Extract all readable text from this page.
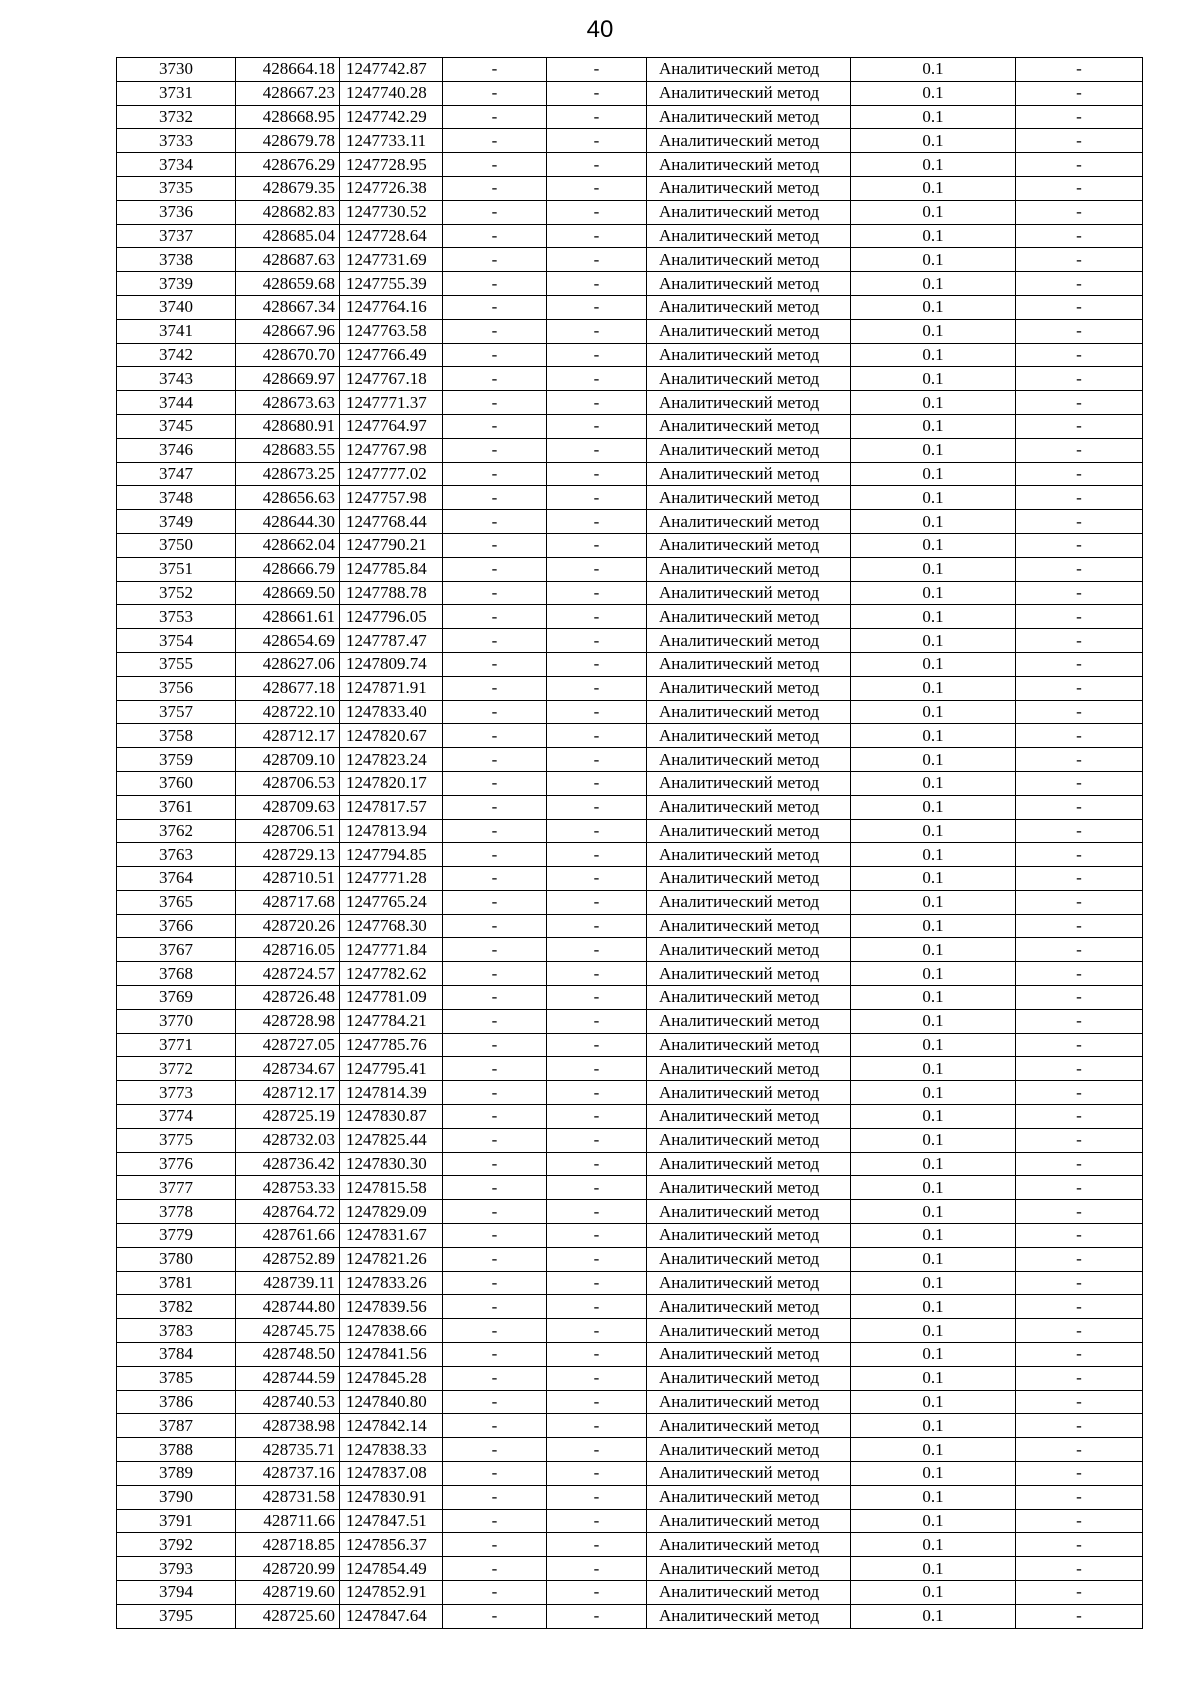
40
3730	428664.18	1247742.87	-	-	Аналитический метод	0.1	-
3731	428667.23	1247740.28	-	-	Аналитический метод	0.1	-
3732	428668.95	1247742.29	-	-	Аналитический метод	0.1	-
3733	428679.78	1247733.11	-	-	Аналитический метод	0.1	-
3734	428676.29	1247728.95	-	-	Аналитический метод	0.1	-
3735	428679.35	1247726.38	-	-	Аналитический метод	0.1	-
3736	428682.83	1247730.52	-	-	Аналитический метод	0.1	-
3737	428685.04	1247728.64	-	-	Аналитический метод	0.1	-
3738	428687.63	1247731.69	-	-	Аналитический метод	0.1	-
3739	428659.68	1247755.39	-	-	Аналитический метод	0.1	-
3740	428667.34	1247764.16	-	-	Аналитический метод	0.1	-
3741	428667.96	1247763.58	-	-	Аналитический метод	0.1	-
3742	428670.70	1247766.49	-	-	Аналитический метод	0.1	-
3743	428669.97	1247767.18	-	-	Аналитический метод	0.1	-
3744	428673.63	1247771.37	-	-	Аналитический метод	0.1	-
3745	428680.91	1247764.97	-	-	Аналитический метод	0.1	-
3746	428683.55	1247767.98	-	-	Аналитический метод	0.1	-
3747	428673.25	1247777.02	-	-	Аналитический метод	0.1	-
3748	428656.63	1247757.98	-	-	Аналитический метод	0.1	-
3749	428644.30	1247768.44	-	-	Аналитический метод	0.1	-
3750	428662.04	1247790.21	-	-	Аналитический метод	0.1	-
3751	428666.79	1247785.84	-	-	Аналитический метод	0.1	-
3752	428669.50	1247788.78	-	-	Аналитический метод	0.1	-
3753	428661.61	1247796.05	-	-	Аналитический метод	0.1	-
3754	428654.69	1247787.47	-	-	Аналитический метод	0.1	-
3755	428627.06	1247809.74	-	-	Аналитический метод	0.1	-
3756	428677.18	1247871.91	-	-	Аналитический метод	0.1	-
3757	428722.10	1247833.40	-	-	Аналитический метод	0.1	-
3758	428712.17	1247820.67	-	-	Аналитический метод	0.1	-
3759	428709.10	1247823.24	-	-	Аналитический метод	0.1	-
3760	428706.53	1247820.17	-	-	Аналитический метод	0.1	-
3761	428709.63	1247817.57	-	-	Аналитический метод	0.1	-
3762	428706.51	1247813.94	-	-	Аналитический метод	0.1	-
3763	428729.13	1247794.85	-	-	Аналитический метод	0.1	-
3764	428710.51	1247771.28	-	-	Аналитический метод	0.1	-
3765	428717.68	1247765.24	-	-	Аналитический метод	0.1	-
3766	428720.26	1247768.30	-	-	Аналитический метод	0.1	-
3767	428716.05	1247771.84	-	-	Аналитический метод	0.1	-
3768	428724.57	1247782.62	-	-	Аналитический метод	0.1	-
3769	428726.48	1247781.09	-	-	Аналитический метод	0.1	-
3770	428728.98	1247784.21	-	-	Аналитический метод	0.1	-
3771	428727.05	1247785.76	-	-	Аналитический метод	0.1	-
3772	428734.67	1247795.41	-	-	Аналитический метод	0.1	-
3773	428712.17	1247814.39	-	-	Аналитический метод	0.1	-
3774	428725.19	1247830.87	-	-	Аналитический метод	0.1	-
3775	428732.03	1247825.44	-	-	Аналитический метод	0.1	-
3776	428736.42	1247830.30	-	-	Аналитический метод	0.1	-
3777	428753.33	1247815.58	-	-	Аналитический метод	0.1	-
3778	428764.72	1247829.09	-	-	Аналитический метод	0.1	-
3779	428761.66	1247831.67	-	-	Аналитический метод	0.1	-
3780	428752.89	1247821.26	-	-	Аналитический метод	0.1	-
3781	428739.11	1247833.26	-	-	Аналитический метод	0.1	-
3782	428744.80	1247839.56	-	-	Аналитический метод	0.1	-
3783	428745.75	1247838.66	-	-	Аналитический метод	0.1	-
3784	428748.50	1247841.56	-	-	Аналитический метод	0.1	-
3785	428744.59	1247845.28	-	-	Аналитический метод	0.1	-
3786	428740.53	1247840.80	-	-	Аналитический метод	0.1	-
3787	428738.98	1247842.14	-	-	Аналитический метод	0.1	-
3788	428735.71	1247838.33	-	-	Аналитический метод	0.1	-
3789	428737.16	1247837.08	-	-	Аналитический метод	0.1	-
3790	428731.58	1247830.91	-	-	Аналитический метод	0.1	-
3791	428711.66	1247847.51	-	-	Аналитический метод	0.1	-
3792	428718.85	1247856.37	-	-	Аналитический метод	0.1	-
3793	428720.99	1247854.49	-	-	Аналитический метод	0.1	-
3794	428719.60	1247852.91	-	-	Аналитический метод	0.1	-
3795	428725.60	1247847.64	-	-	Аналитический метод	0.1	-
